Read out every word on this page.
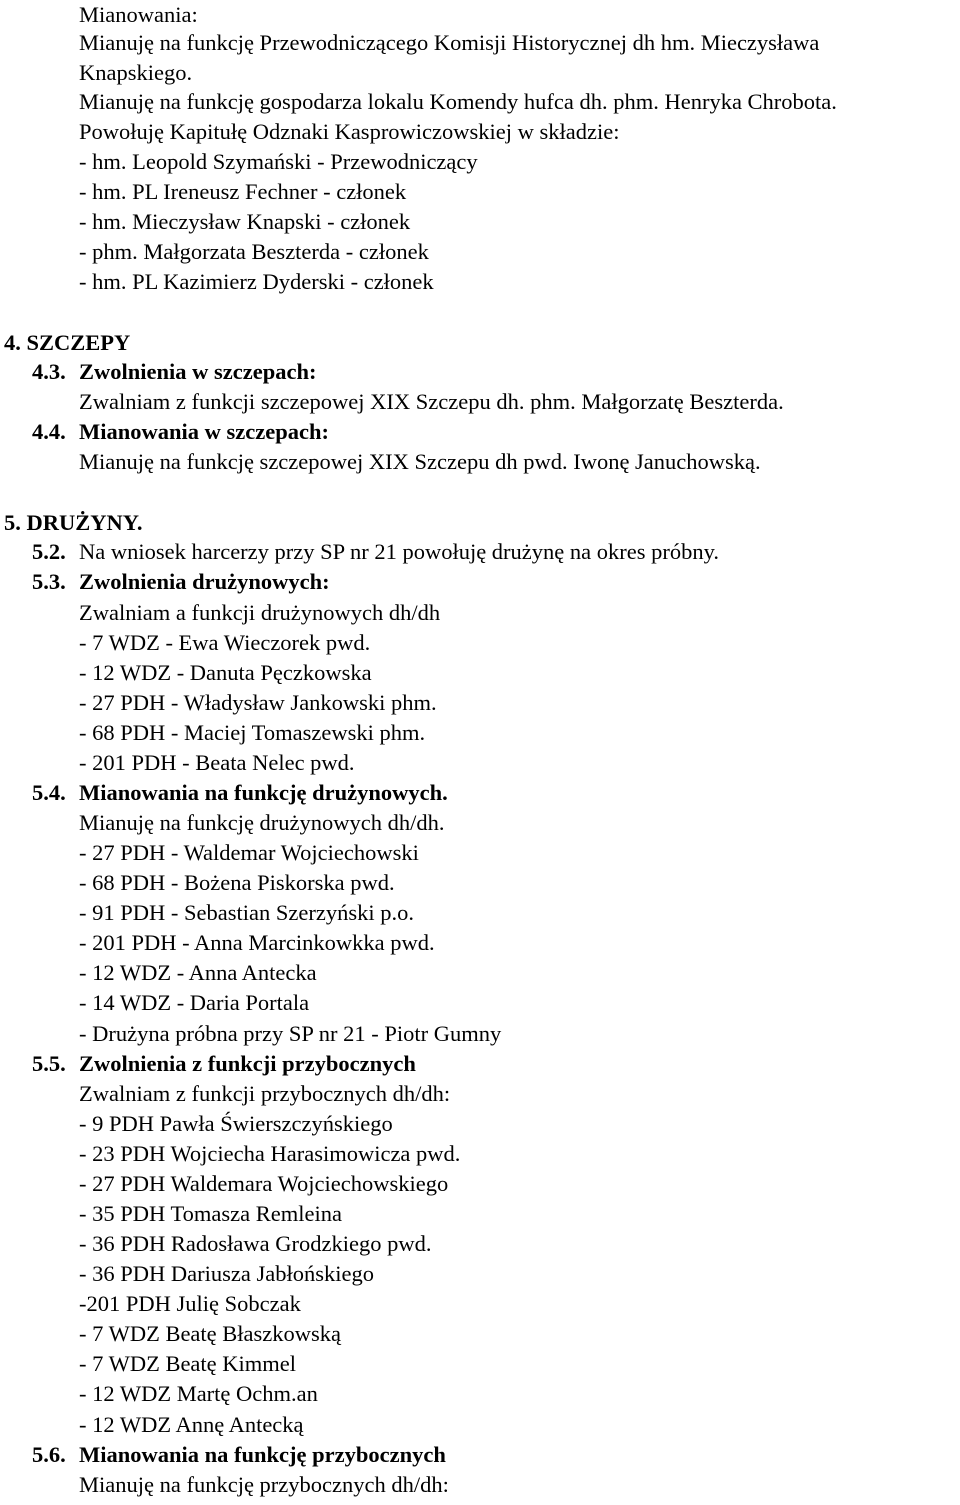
Mianowania:
Mianuję na funkcję Przewodniczącego Komisji Historycznej dh hm. Mieczysława
Knapskiego.
Mianuję na funkcję gospodarza lokalu Komendy hufca dh. phm. Henryka Chrobota.
Powołuję Kapitułę Odznaki Kasprowiczowskiej w składzie:
- hm. Leopold Szymański - Przewodniczący
- hm. PL Ireneusz Fechner - członek
- hm. Mieczysław Knapski - członek
- phm. Małgorzata Beszterda - członek
- hm. PL Kazimierz Dyderski - członek
4. SZCZEPY
4.3. Zwolnienia w szczepach:
Zwalniam z funkcji szczepowej XIX Szczepu dh. phm. Małgorzatę Beszterda.
4.4. Mianowania w szczepach:
Mianuję na funkcję szczepowej XIX Szczepu dh pwd. Iwonę Januchowską.
5. DRUŻYNY.
5.2. Na wniosek harcerzy przy SP nr 21 powołuję drużynę na okres próbny.
5.3. Zwolnienia drużynowych:
Zwalniam a funkcji drużynowych dh/dh
- 7 WDZ - Ewa Wieczorek pwd.
- 12 WDZ - Danuta Pęczkowska
- 27 PDH - Władysław Jankowski phm.
- 68 PDH - Maciej Tomaszewski phm.
- 201 PDH - Beata Nelec pwd.
5.4. Mianowania na funkcję drużynowych.
Mianuję na funkcję drużynowych dh/dh.
- 27 PDH - Waldemar Wojciechowski
- 68 PDH - Bożena Piskorska pwd.
- 91 PDH - Sebastian Szerzyński p.o.
- 201 PDH - Anna Marcinkowkka pwd.
- 12 WDZ - Anna Antecka
- 14 WDZ - Daria Portala
- Drużyna próbna przy SP nr 21 - Piotr Gumny
5.5. Zwolnienia z funkcji przybocznych
Zwalniam z funkcji przybocznych dh/dh:
- 9 PDH Pawła Świerszczyńskiego
- 23 PDH Wojciecha Harasimowicza pwd.
- 27 PDH Waldemara Wojciechowskiego
- 35 PDH Tomasza Remleina
- 36 PDH Radosława Grodzkiego pwd.
- 36 PDH Dariusza Jabłońskiego
-201 PDH Julię Sobczak
- 7 WDZ Beatę Błaszkowską
- 7 WDZ Beatę Kimmel
- 12 WDZ Martę Ochm.an
- 12 WDZ Annę Antecką
5.6. Mianowania na funkcję przybocznych
Mianuję na funkcję przybocznych dh/dh:
